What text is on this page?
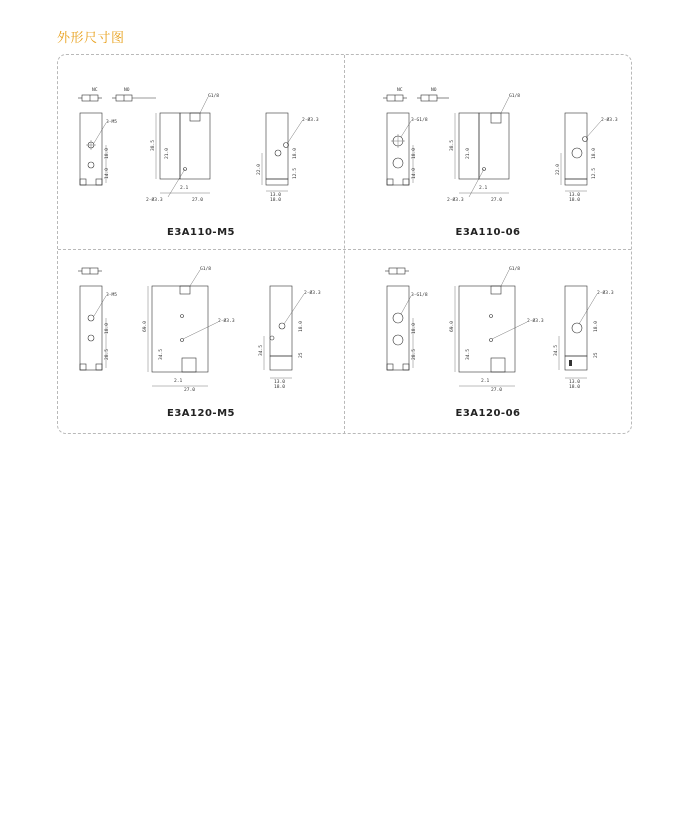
外形尺寸图
NC	NO
3-M5
18.0
14.0
G1/8
2-Ø3.3
38.5
21.0
27.0
2.1
2-Ø3.3
22.0
18.0
12.5
13.0
18.0
E3A110-M5
NC	NO
3-G1/8
18.0
14.0
G1/8
2-Ø3.3
38.5
21.0
27.0
2.1
2-Ø3.3
22.0
18.0
12.5
13.0
18.0
E3A110-06
3-M5
18.0
28.5
G1/8
2-Ø3.3
69.0
34.5
27.0
2.1
2-Ø3.3
34.5
18.0
25
13.0
18.0
E3A120-M5
3-G1/8
18.0
28.5
G1/8
2-Ø3.3
69.0
34.5
27.0
2.1
2-Ø3.3
34.5
18.0
25
13.0
18.0
E3A120-06
